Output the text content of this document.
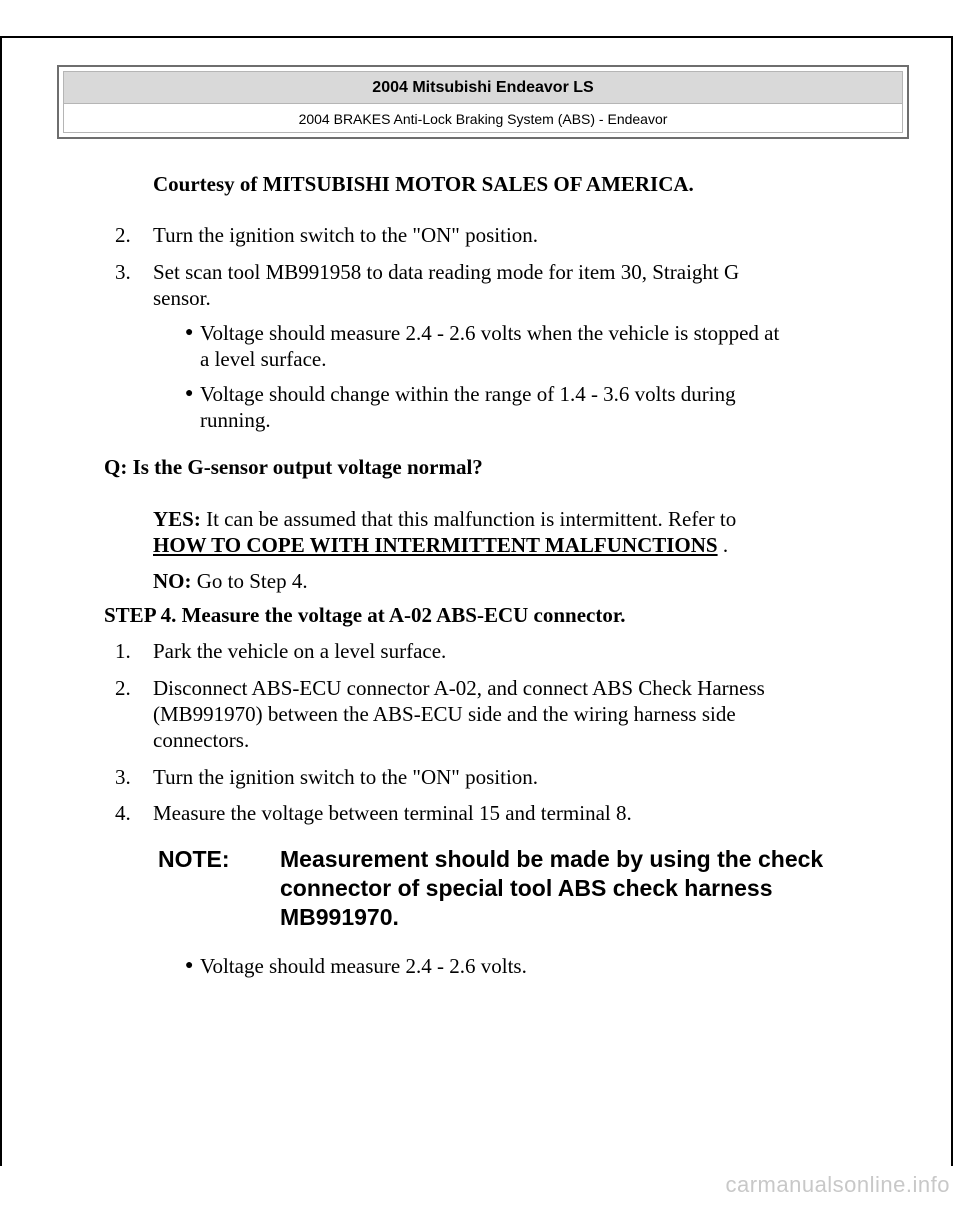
2004 Mitsubishi Endeavor LS
2004 BRAKES Anti-Lock Braking System (ABS) - Endeavor
Courtesy of MITSUBISHI MOTOR SALES OF AMERICA.
2. Turn the ignition switch to the "ON" position.
3. Set scan tool MB991958 to data reading mode for item 30, Straight G
sensor.
● Voltage should measure 2.4 - 2.6 volts when the vehicle is stopped at
a level surface.
● Voltage should change within the range of 1.4 - 3.6 volts during
running.
Q: Is the G-sensor output voltage normal?
YES: It can be assumed that this malfunction is intermittent. Refer to
HOW TO COPE WITH INTERMITTENT MALFUNCTIONS .
NO: Go to Step 4.
STEP 4. Measure the voltage at A-02 ABS-ECU connector.
1. Park the vehicle on a level surface.
2. Disconnect ABS-ECU connector A-02, and connect ABS Check Harness
(MB991970) between the ABS-ECU side and the wiring harness side
connectors.
3. Turn the ignition switch to the "ON" position.
4. Measure the voltage between terminal 15 and terminal 8.
NOTE: Measurement should be made by using the check
connector of special tool ABS check harness
MB991970.
● Voltage should measure 2.4 - 2.6 volts.
carmanualsonline.info
